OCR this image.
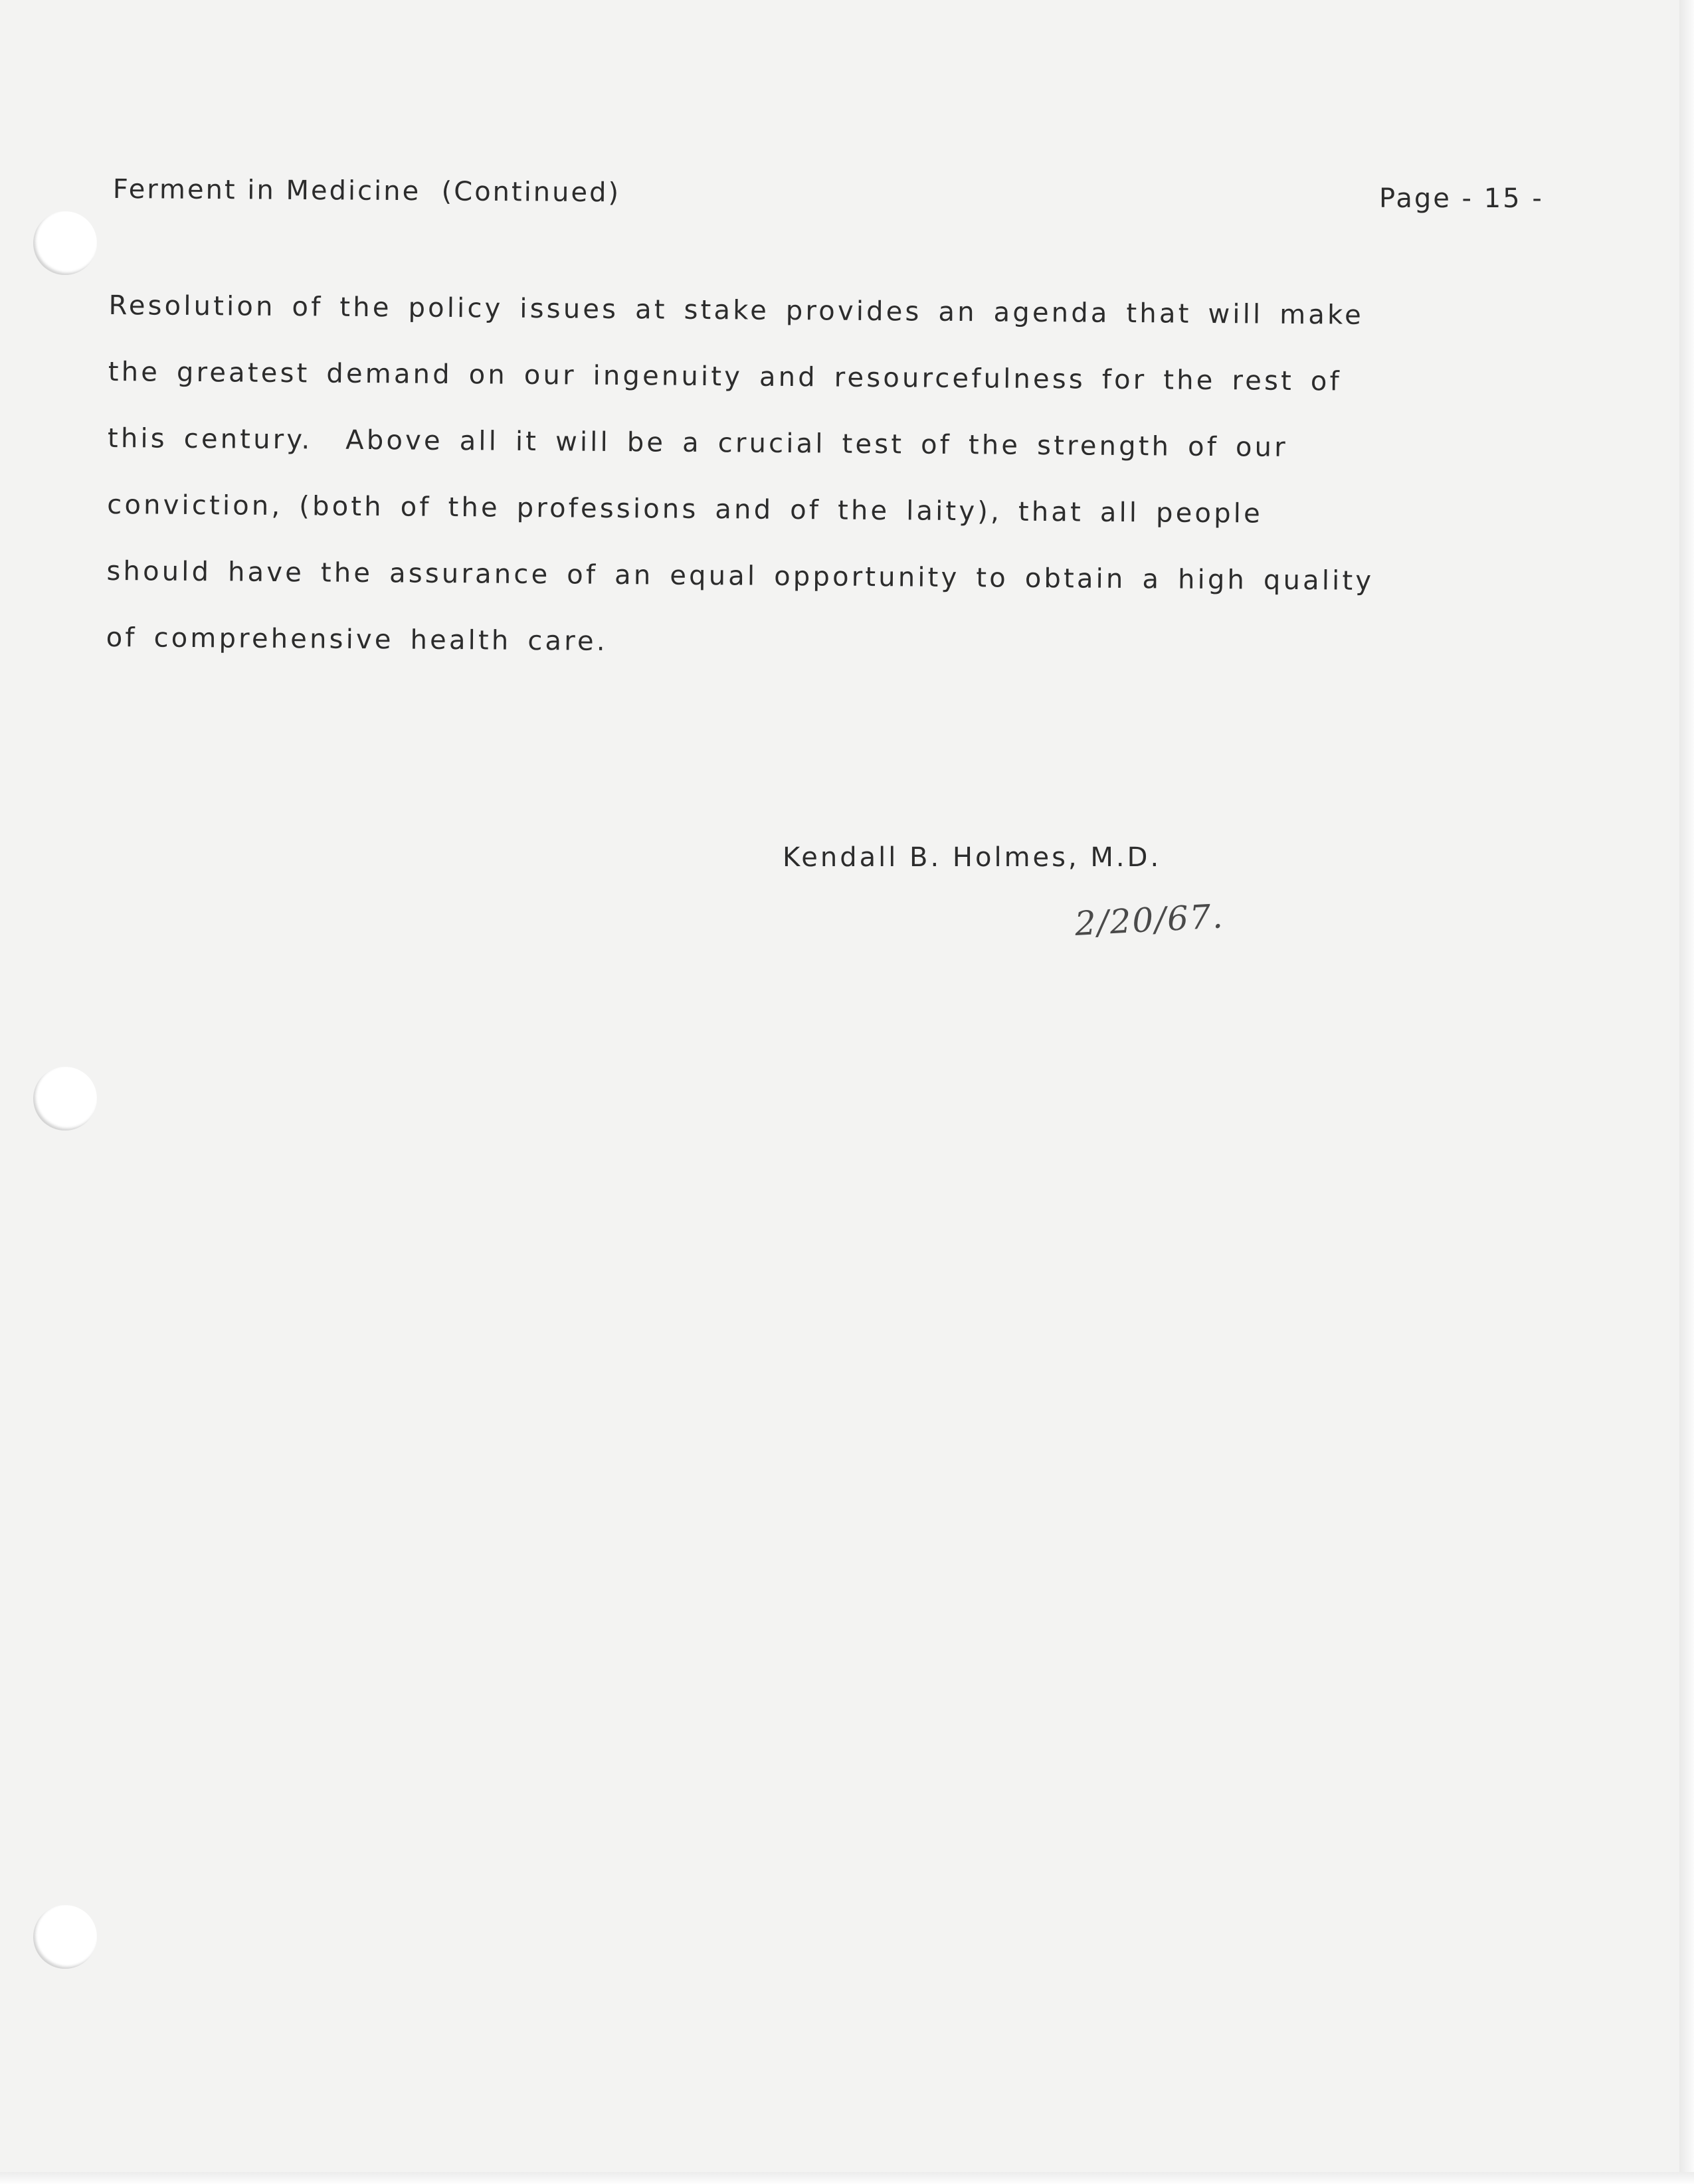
Ferment in Medicine  (Continued)	Page - 15 -
Resolution of the policy issues at stake provides an agenda that will make
the greatest demand on our ingenuity and resourcefulness for the rest of
this century.  Above all it will be a crucial test of the strength of our
conviction, (both of the professions and of the laity), that all people
should have the assurance of an equal opportunity to obtain a high quality
of comprehensive health care.
Kendall B. Holmes, M.D.
2/20/67.
